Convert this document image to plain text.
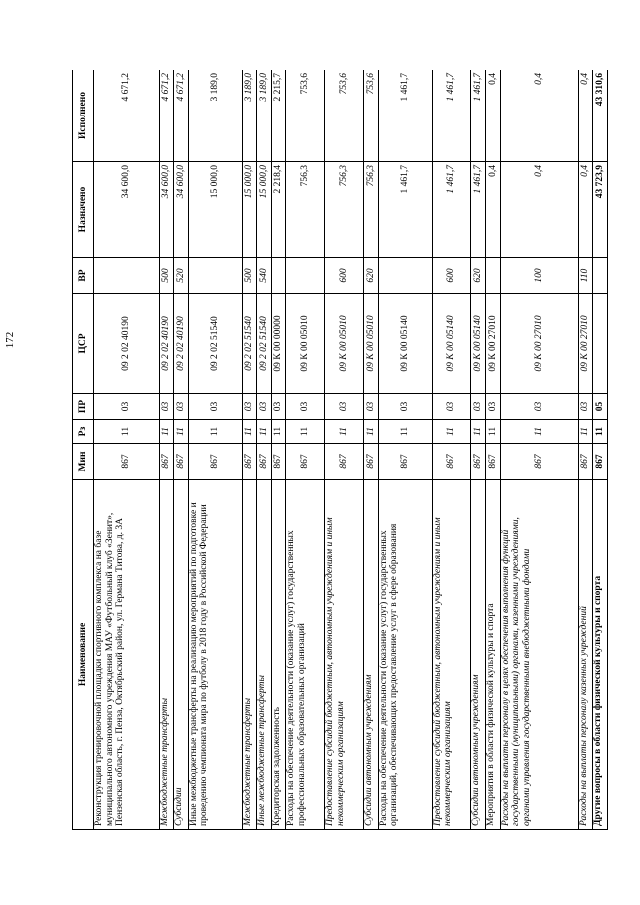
172
Наименование	Мин	Рз	ПР	ЦСР	ВР	Назначено	Исполнено
Реконструкция тренировочной площадки спортивного комплекса на базе муниципального автономного учреждения МАУ «Футбольный клуб «Зенит», Пензенская область, г. Пенза, Октябрьский район, ул. Германа Титова, д. 3А	867	11	03	09 2 02 40190		34 600,0	4 671,2
Межбюджетные трансферты	867	11	03	09 2 02 40190	500	34 600,0	4 671,2
Субсидии	867	11	03	09 2 02 40190	520	34 600,0	4 671,2
Иные межбюджетные трансферты на реализацию мероприятий по подготовке и проведению чемпионата мира по футболу в 2018 году в Российской Федерации	867	11	03	09 2 02 51540		15 000,0	3 189,0
Межбюджетные трансферты	867	11	03	09 2 02 51540	500	15 000,0	3 189,0
Иные межбюджетные трансферты	867	11	03	09 2 02 51540	540	15 000,0	3 189,0
Кредиторская задолженность	867	11	03	09 К 00 00000		2 218,4	2 215,7
Расходы на обеспечение деятельности (оказание услуг) государственных профессиональных образовательных организаций	867	11	03	09 К 00 05010		756,3	753,6
Предоставление субсидий бюджетным, автономным учреждениям и иным некоммерческим организациям	867	11	03	09 К 00 05010	600	756,3	753,6
Субсидии автономным учреждениям	867	11	03	09 К 00 05010	620	756,3	753,6
Расходы на обеспечение деятельности (оказание услуг) государственных организаций, обеспечивающих предоставление услуг в сфере образования	867	11	03	09 К 00 05140		1 461,7	1 461,7
Предоставление субсидий бюджетным, автономным учреждениям и иным некоммерческим организациям	867	11	03	09 К 00 05140	600	1 461,7	1 461,7
Субсидии автономным учреждениям	867	11	03	09 К 00 05140	620	1 461,7	1 461,7
Мероприятия в области физической культуры и спорта	867	11	03	09 К 00 27010		0,4	0,4
Расходы на выплаты персоналу в целях обеспечения выполнения функций государственными (муниципальными) органами, казенными учреждениями, органами управления государственными внебюджетными фондами	867	11	03	09 К 00 27010	100	0,4	0,4
Расходы на выплаты персоналу казенных учреждений	867	11	03	09 К 00 27010	110	0,4	0,4
Другие вопросы в области физической культуры и спорта	867	11	05			43 723,9	43 310,6
